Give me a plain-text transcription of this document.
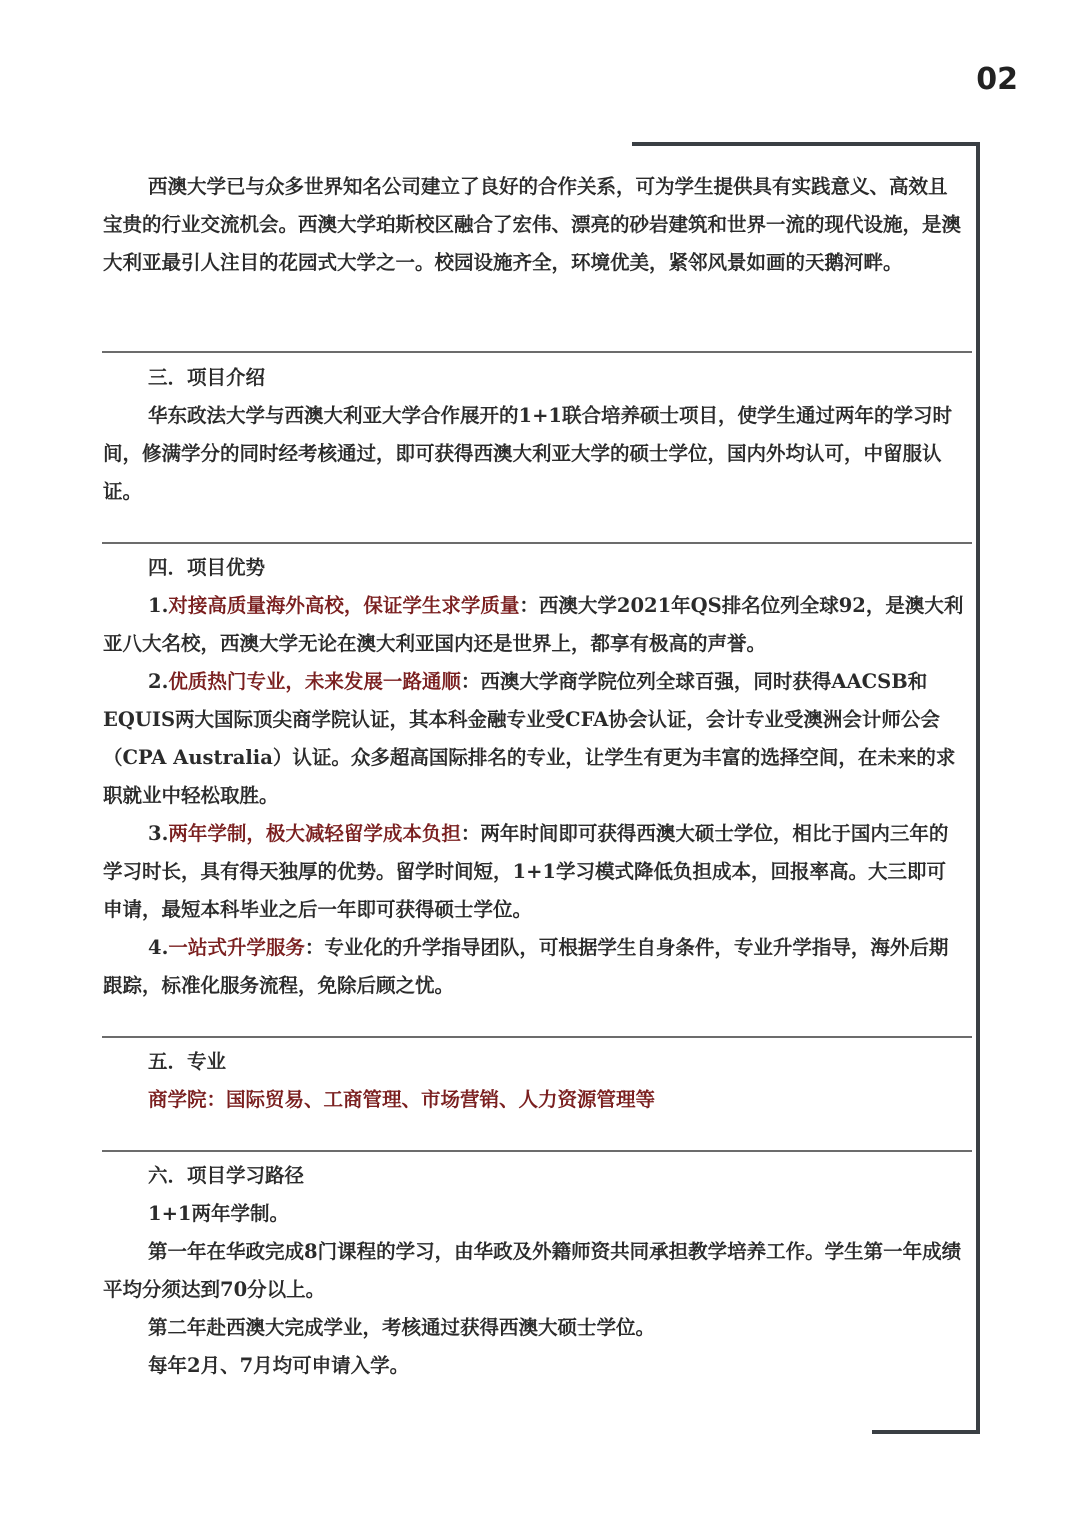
02

西澳大学已与众多世界知名公司建立了良好的合作关系，可为学生提供具有实践意义、高效且宝贵的行业交流机会。西澳大学珀斯校区融合了宏伟、漂亮的砂岩建筑和世界一流的现代设施，是澳大利亚最引人注目的花园式大学之一。校园设施齐全，环境优美，紧邻风景如画的天鹅河畔。

三．项目介绍

华东政法大学与西澳大利亚大学合作展开的1+1联合培养硕士项目，使学生通过两年的学习时间，修满学分的同时经考核通过，即可获得西澳大利亚大学的硕士学位，国内外均认可，中留服认证。

四．项目优势

1.对接高质量海外高校，保证学生求学质量：西澳大学2021年QS排名位列全球92，是澳大利亚八大名校，西澳大学无论在澳大利亚国内还是世界上，都享有极高的声誉。

2.优质热门专业，未来发展一路通顺：西澳大学商学院位列全球百强，同时获得AACSB和EQUIS两大国际顶尖商学院认证，其本科金融专业受CFA协会认证，会计专业受澳洲会计师公会（CPA Australia）认证。众多超高国际排名的专业，让学生有更为丰富的选择空间，在未来的求职就业中轻松取胜。

3.两年学制，极大减轻留学成本负担：两年时间即可获得西澳大硕士学位，相比于国内三年的学习时长，具有得天独厚的优势。留学时间短，1+1学习模式降低负担成本，回报率高。大三即可申请，最短本科毕业之后一年即可获得硕士学位。

4.一站式升学服务：专业化的升学指导团队，可根据学生自身条件，专业升学指导，海外后期跟踪，标准化服务流程，免除后顾之忧。

五．专业

商学院：国际贸易、工商管理、市场营销、人力资源管理等

六．项目学习路径

1+1两年学制。

第一年在华政完成8门课程的学习，由华政及外籍师资共同承担教学培养工作。学生第一年成绩平均分须达到70分以上。

第二年赴西澳大完成学业，考核通过获得西澳大硕士学位。

每年2月、7月均可申请入学。
